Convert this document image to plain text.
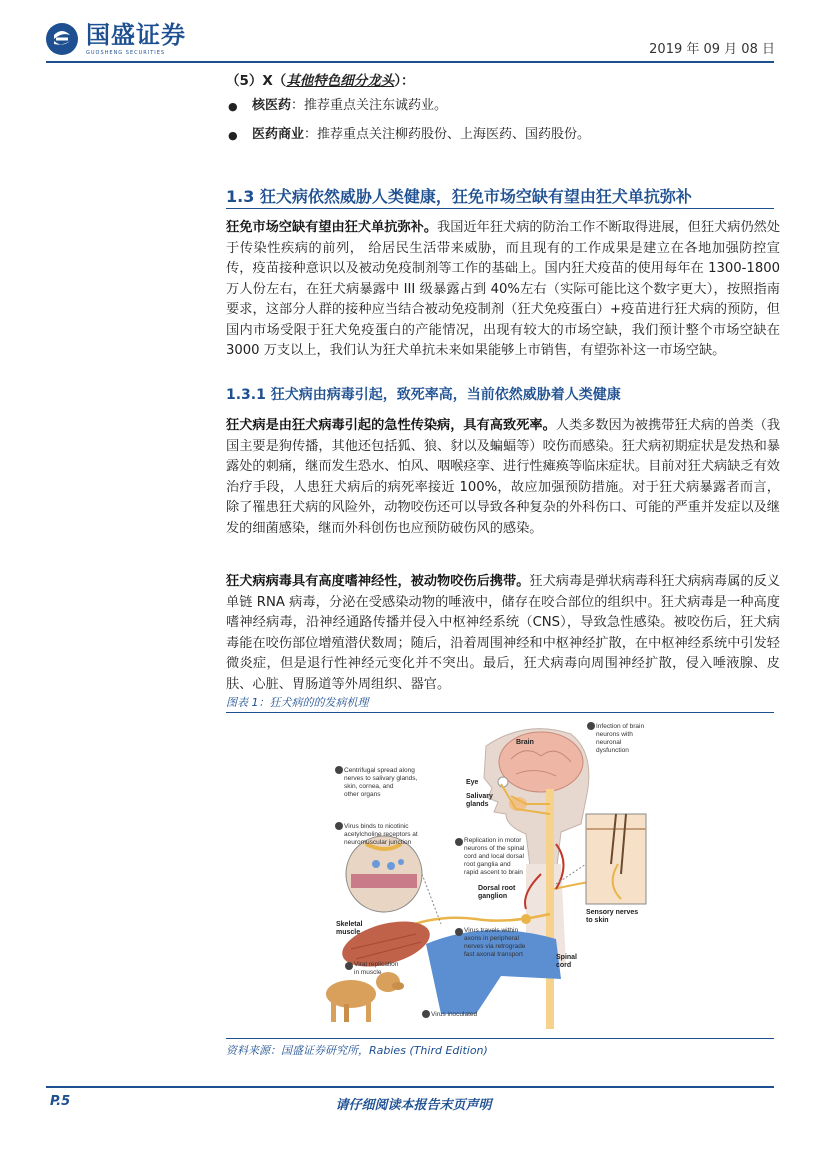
国盛证券
GUOSHENG SECURITIES	2019 年 09 月 08 日
（5）X（其他特色细分龙头）：
● 核医药：推荐重点关注东诚药业。
● 医药商业：推荐重点关注柳药股份、上海医药、国药股份。
1.3 狂犬病依然威胁人类健康，狂免市场空缺有望由狂犬单抗弥补

狂免市场空缺有望由狂犬单抗弥补。我国近年狂犬病的防治工作不断取得进展，但狂犬病仍然处于传染性疾病的前列， 给居民生活带来威胁，而且现有的工作成果是建立在各地加强防控宣传，疫苗接种意识以及被动免疫制剂等工作的基础上。国内狂犬疫苗的使用每年在 1300-1800 万人份左右，在狂犬病暴露中 III 级暴露占到 40%左右（实际可能比这个数字更大），按照指南要求，这部分人群的接种应当结合被动免疫制剂（狂犬免疫蛋白）+疫苗进行狂犬病的预防，但国内市场受限于狂犬免疫蛋白的产能情况，出现有较大的市场空缺，我们预计整个市场空缺在 3000 万支以上，我们认为狂犬单抗未来如果能够上市销售，有望弥补这一市场空缺。

1.3.1 狂犬病由病毒引起，致死率高，当前依然威胁着人类健康

狂犬病是由狂犬病毒引起的急性传染病，具有高致死率。人类多数因为被携带狂犬病的兽类（我国主要是狗传播，其他还包括狐、狼、豺以及蝙蝠等）咬伤而感染。狂犬病初期症状是发热和暴露处的刺痛，继而发生恐水、怕风、咽喉痉挛、进行性瘫痪等临床症状。目前对狂犬病缺乏有效治疗手段，人患狂犬病后的病死率接近 100%，故应加强预防措施。对于狂犬病暴露者而言，除了罹患狂犬病的风险外，动物咬伤还可以导致各种复杂的外科伤口、可能的严重并发症以及继发的细菌感染，继而外科创伤也应预防破伤风的感染。

狂犬病病毒具有高度嗜神经性，被动物咬伤后携带。狂犬病毒是弹状病毒科狂犬病病毒属的反义单链 RNA 病毒，分泌在受感染动物的唾液中，储存在咬合部位的组织中。狂犬病毒是一种高度嗜神经病毒，沿神经通路传播并侵入中枢神经系统（CNS），导致急性感染。被咬伤后，狂犬病毒能在咬伤部位增殖潜伏数周；随后，沿着周围神经和中枢神经扩散，在中枢神经系统中引发轻微炎症，但是退行性神经元变化并不突出。最后，狂犬病毒向周围神经扩散，侵入唾液腺、皮肤、心脏、胃肠道等外周组织、器官。

图表 1：狂犬病的的发病机理
Brain
Eye
Salivary glands
Dorsal root ganglion
Skeletal muscle
Spinal cord
Sensory nerves to skin
Virus inoculated
Viral replication in muscle
Virus binds to nicotinic acetylcholine receptors at neuromuscular junction
Virus travels within axons in peripheral nerves via retrograde fast axonal transport
Replication in motor neurons of the spinal cord and local dorsal root ganglia and rapid ascent to brain
Infection of brain neurons with neuronal dysfunction
Centrifugal spread along nerves to salivary glands, skin, cornea, and other organs
资料来源：国盛证券研究所，Rabies (Third Edition)
请仔细阅读本报告末页声明
P.5
